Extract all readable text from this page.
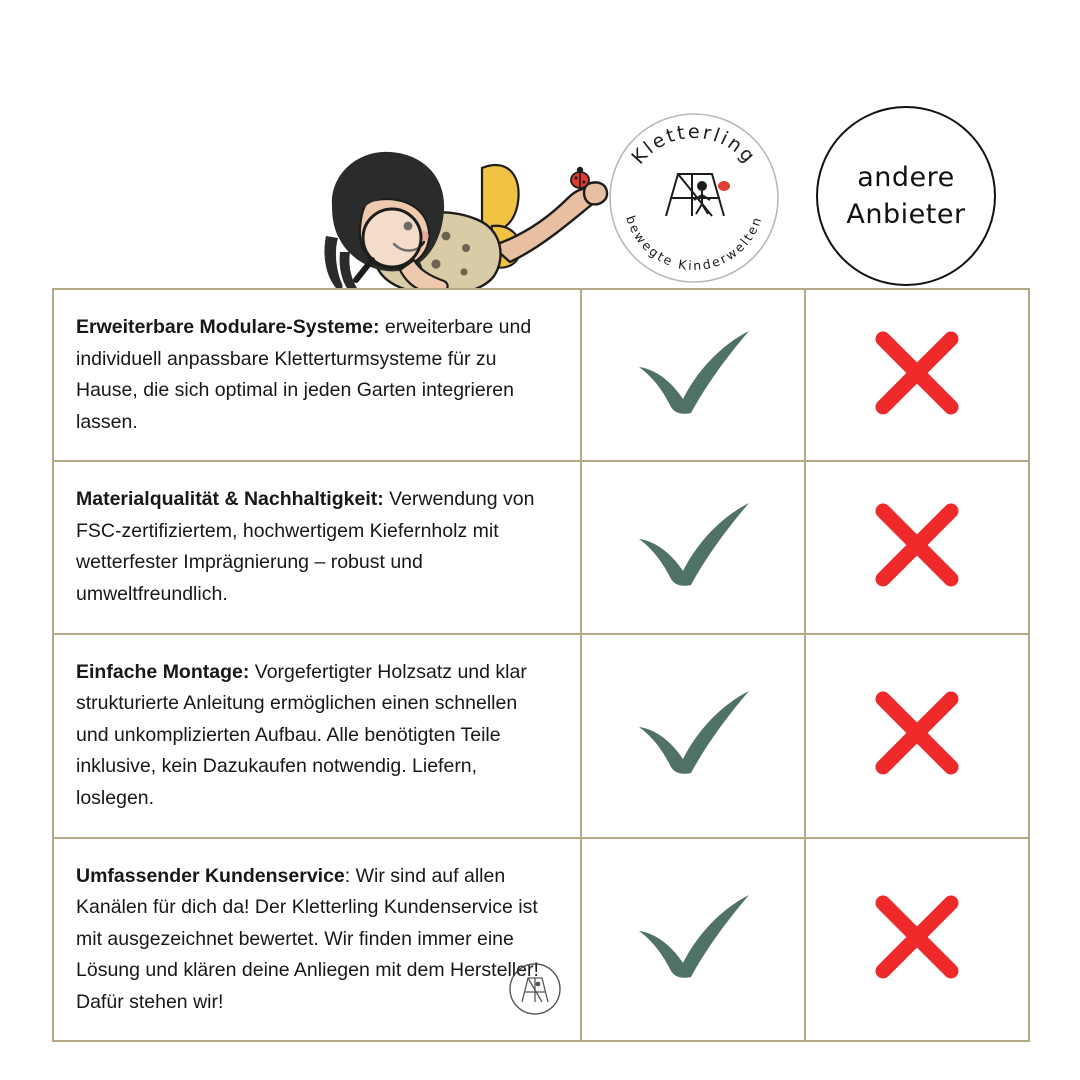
Kletterling
bewegte Kinderwelten
andere
Anbieter
Erweiterbare Modulare-Systeme: erweiterbare und individuell anpassbare Kletterturmsysteme für zu Hause, die sich optimal in jeden Garten integrieren lassen.

Materialqualität & Nachhaltigkeit: Verwendung von FSC-zertifiziertem, hochwertigem Kiefernholz mit wetterfester Imprägnierung – robust und umweltfreundlich.

Einfache Montage: Vorgefertigter Holzsatz und klar strukturierte Anleitung ermöglichen einen schnellen und unkomplizierten Aufbau. Alle benötigten Teile inklusive, kein Dazukaufen notwendig. Liefern, loslegen.

Umfassender Kundenservice: Wir sind auf allen Kanälen für dich da! Der Kletterling Kundenservice ist mit ausgezeichnet bewertet. Wir finden immer eine Lösung und klären deine Anliegen mit dem Hersteller! Dafür stehen wir!
